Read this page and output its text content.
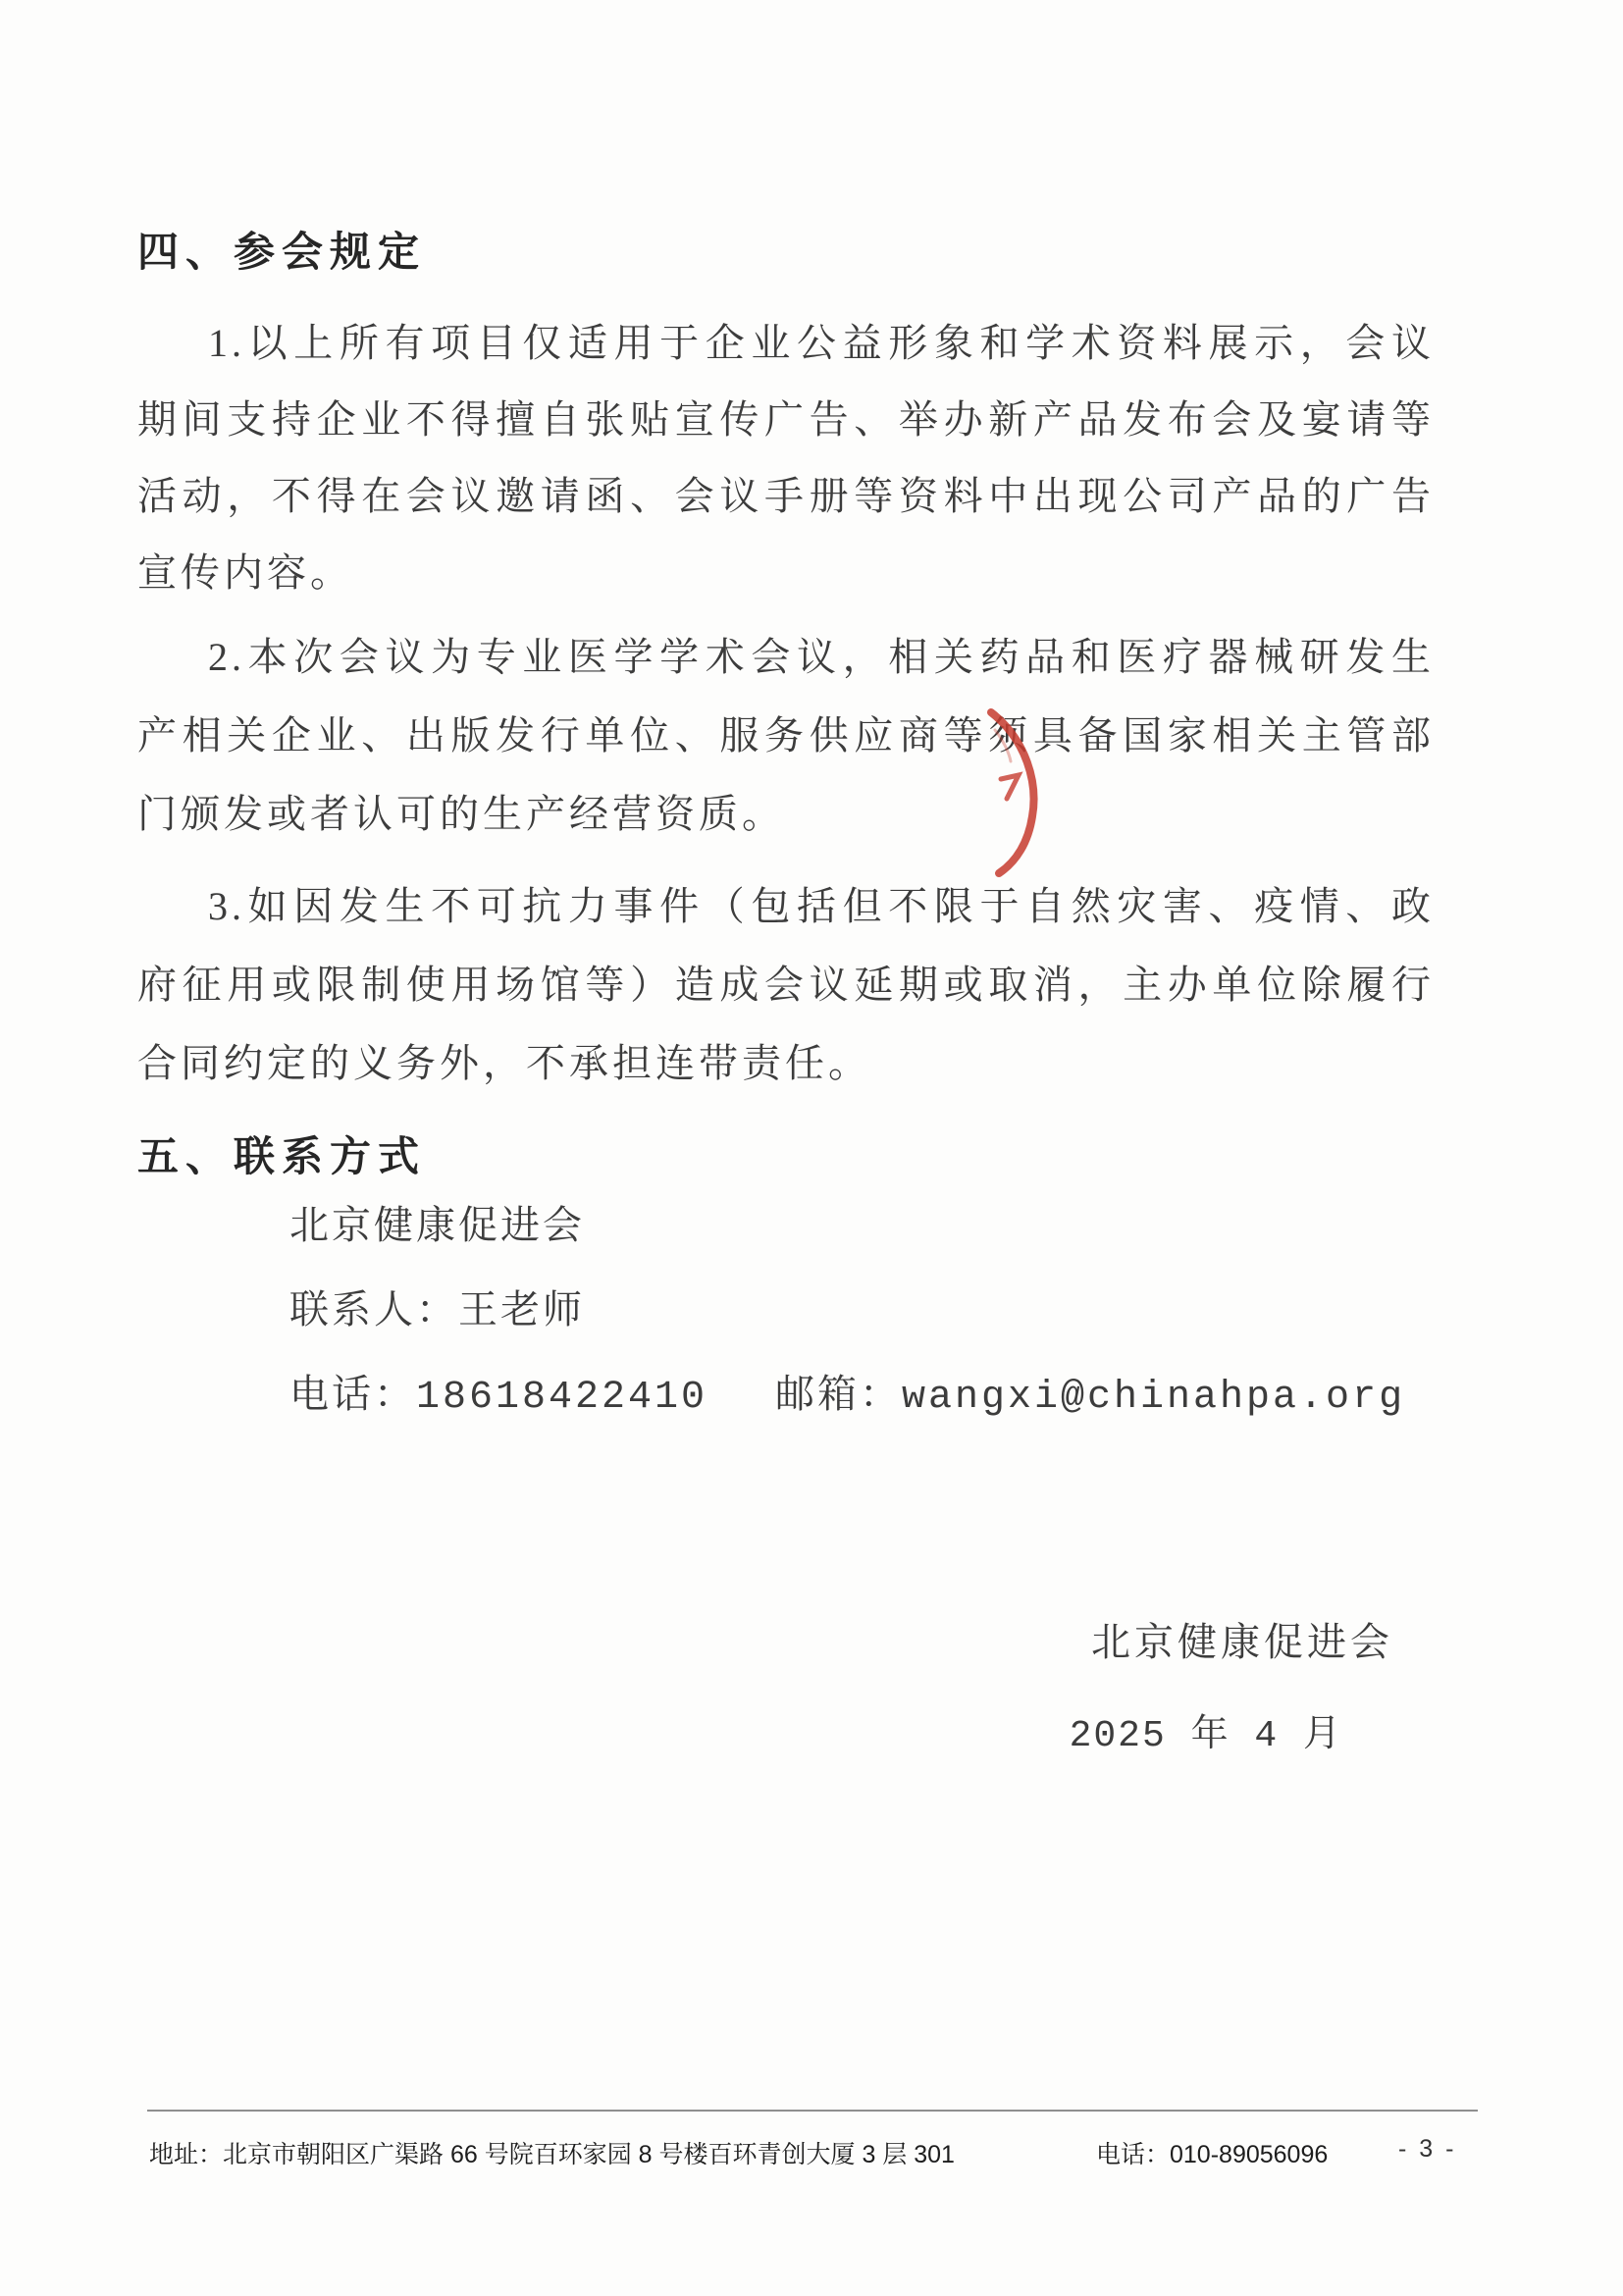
四、参会规定
1.以上所有项目仅适用于企业公益形象和学术资料展示，会议
期间支持企业不得擅自张贴宣传广告、举办新产品发布会及宴请等
活动，不得在会议邀请函、会议手册等资料中出现公司产品的广告
宣传内容。
2.本次会议为专业医学学术会议，相关药品和医疗器械研发生
产相关企业、出版发行单位、服务供应商等须具备国家相关主管部
门颁发或者认可的生产经营资质。
3.如因发生不可抗力事件（包括但不限于自然灾害、疫情、政
府征用或限制使用场馆等）造成会议延期或取消，主办单位除履行
合同约定的义务外，不承担连带责任。
五、联系方式
北京健康促进会
联系人：王老师
电话：18618422410 邮箱：wangxi@chinahpa.org
北京健康促进会
2025 年 4 月
地址：北京市朝阳区广渠路 66 号院百环家园 8 号楼百环青创大厦 3 层 301	电话：010-89056096	- 3 -
